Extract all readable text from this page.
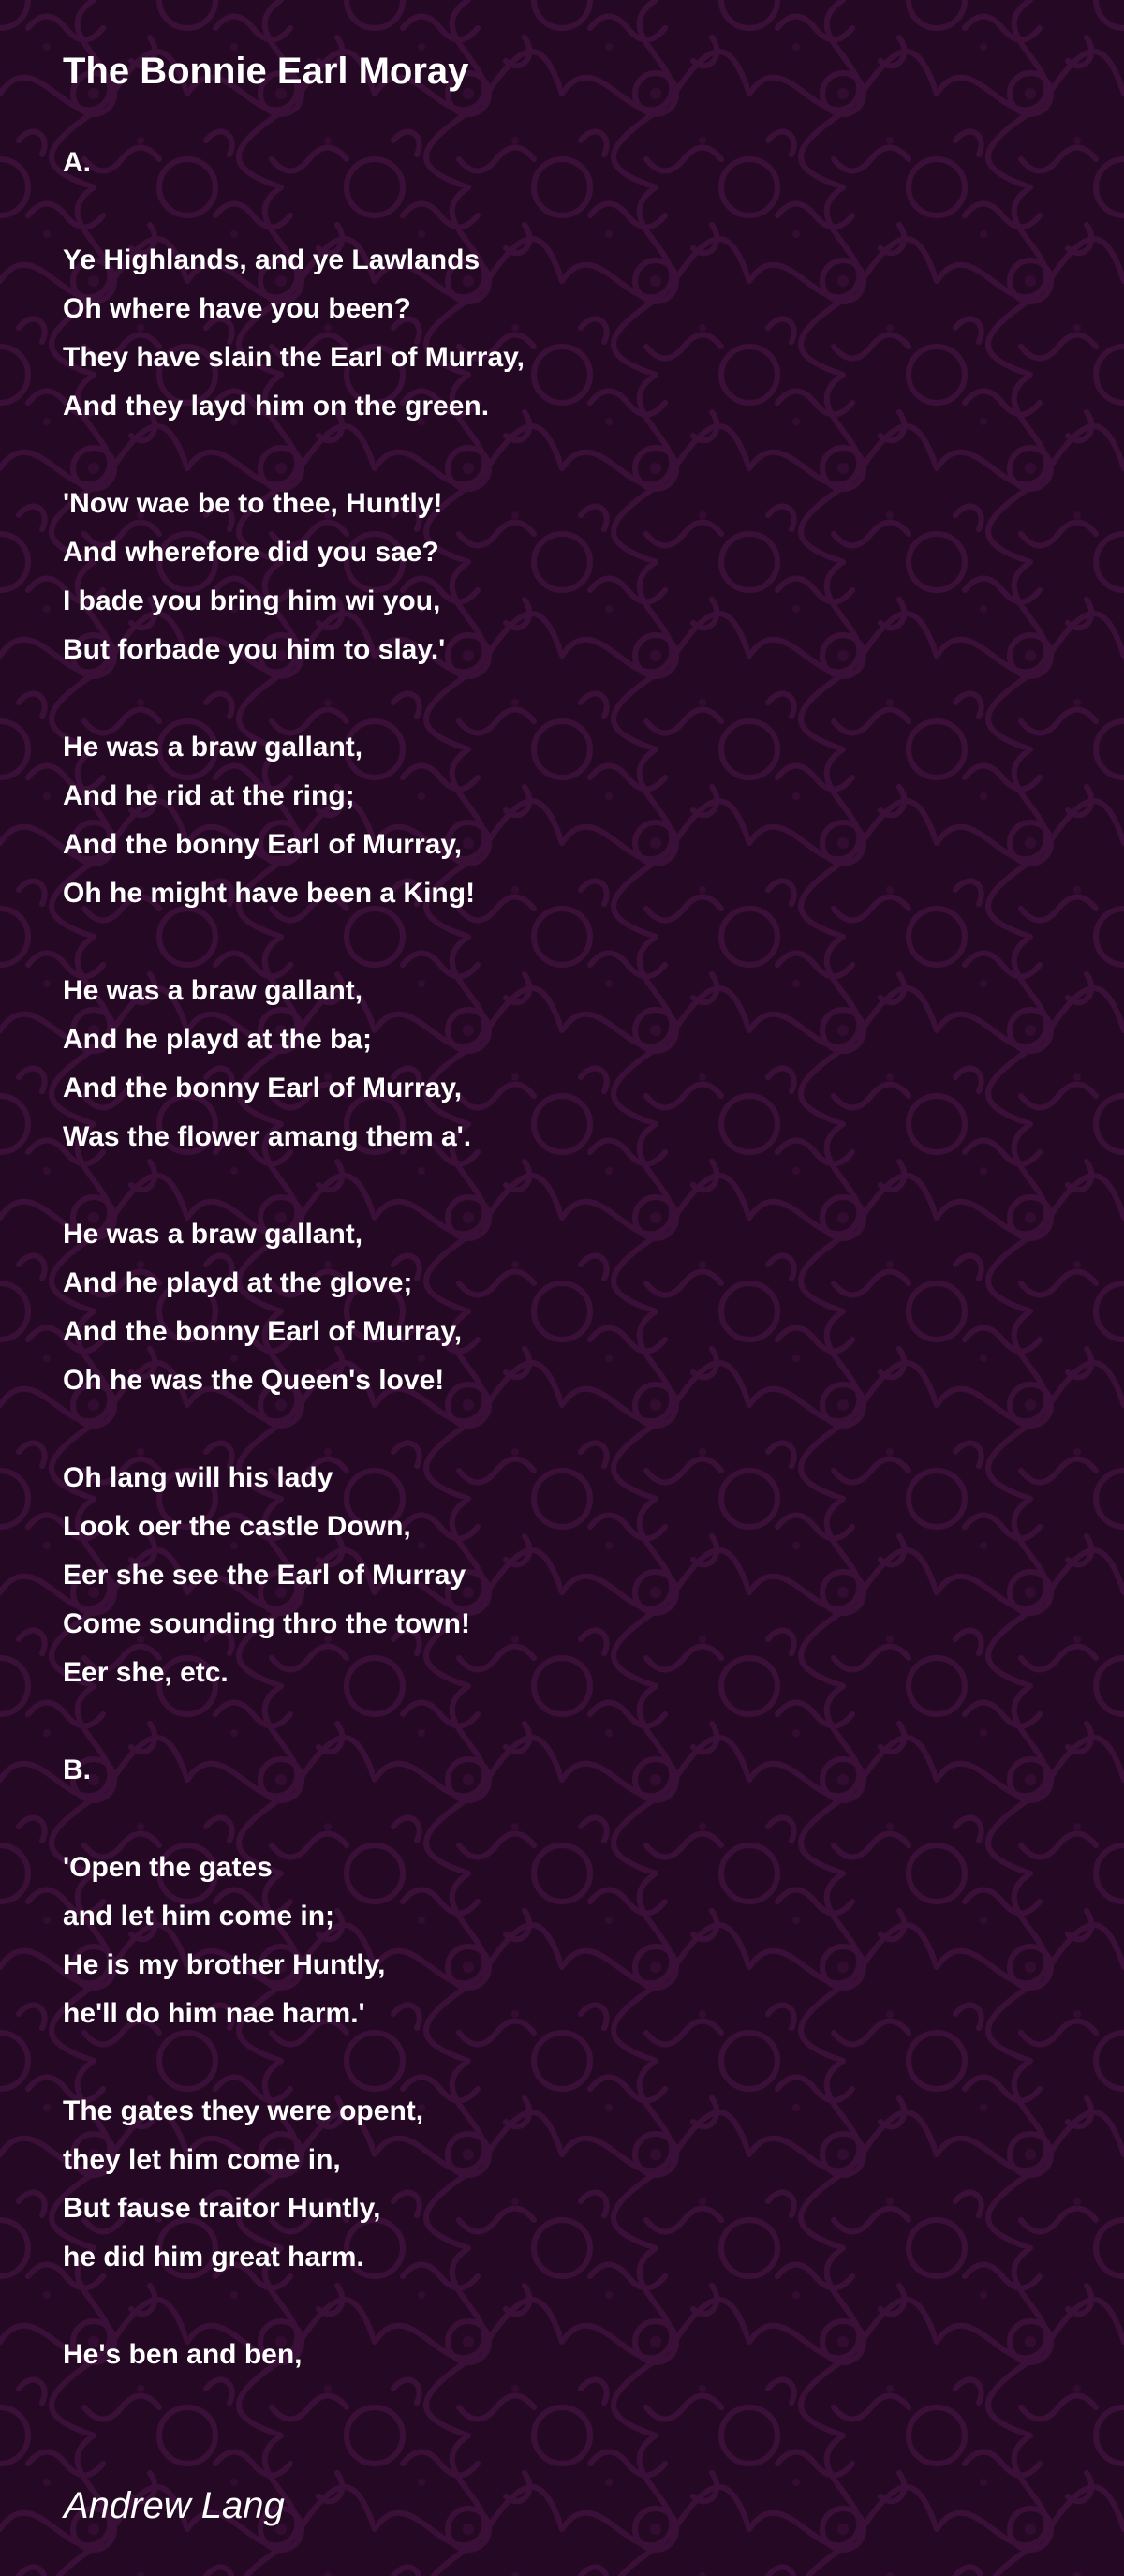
The Bonnie Earl Moray
A.
Ye Highlands, and ye Lawlands
Oh where have you been?
They have slain the Earl of Murray,
And they layd him on the green.
'Now wae be to thee, Huntly!
And wherefore did you sae?
I bade you bring him wi you,
But forbade you him to slay.'
He was a braw gallant,
And he rid at the ring;
And the bonny Earl of Murray,
Oh he might have been a King!
He was a braw gallant,
And he playd at the ba;
And the bonny Earl of Murray,
Was the flower amang them a'.
He was a braw gallant,
And he playd at the glove;
And the bonny Earl of Murray,
Oh he was the Queen's love!
Oh lang will his lady
Look oer the castle Down,
Eer she see the Earl of Murray
Come sounding thro the town!
Eer she, etc.
B.
'Open the gates
and let him come in;
He is my brother Huntly,
he'll do him nae harm.'
The gates they were opent,
they let him come in,
But fause traitor Huntly,
he did him great harm.
He's ben and ben,
Andrew Lang
